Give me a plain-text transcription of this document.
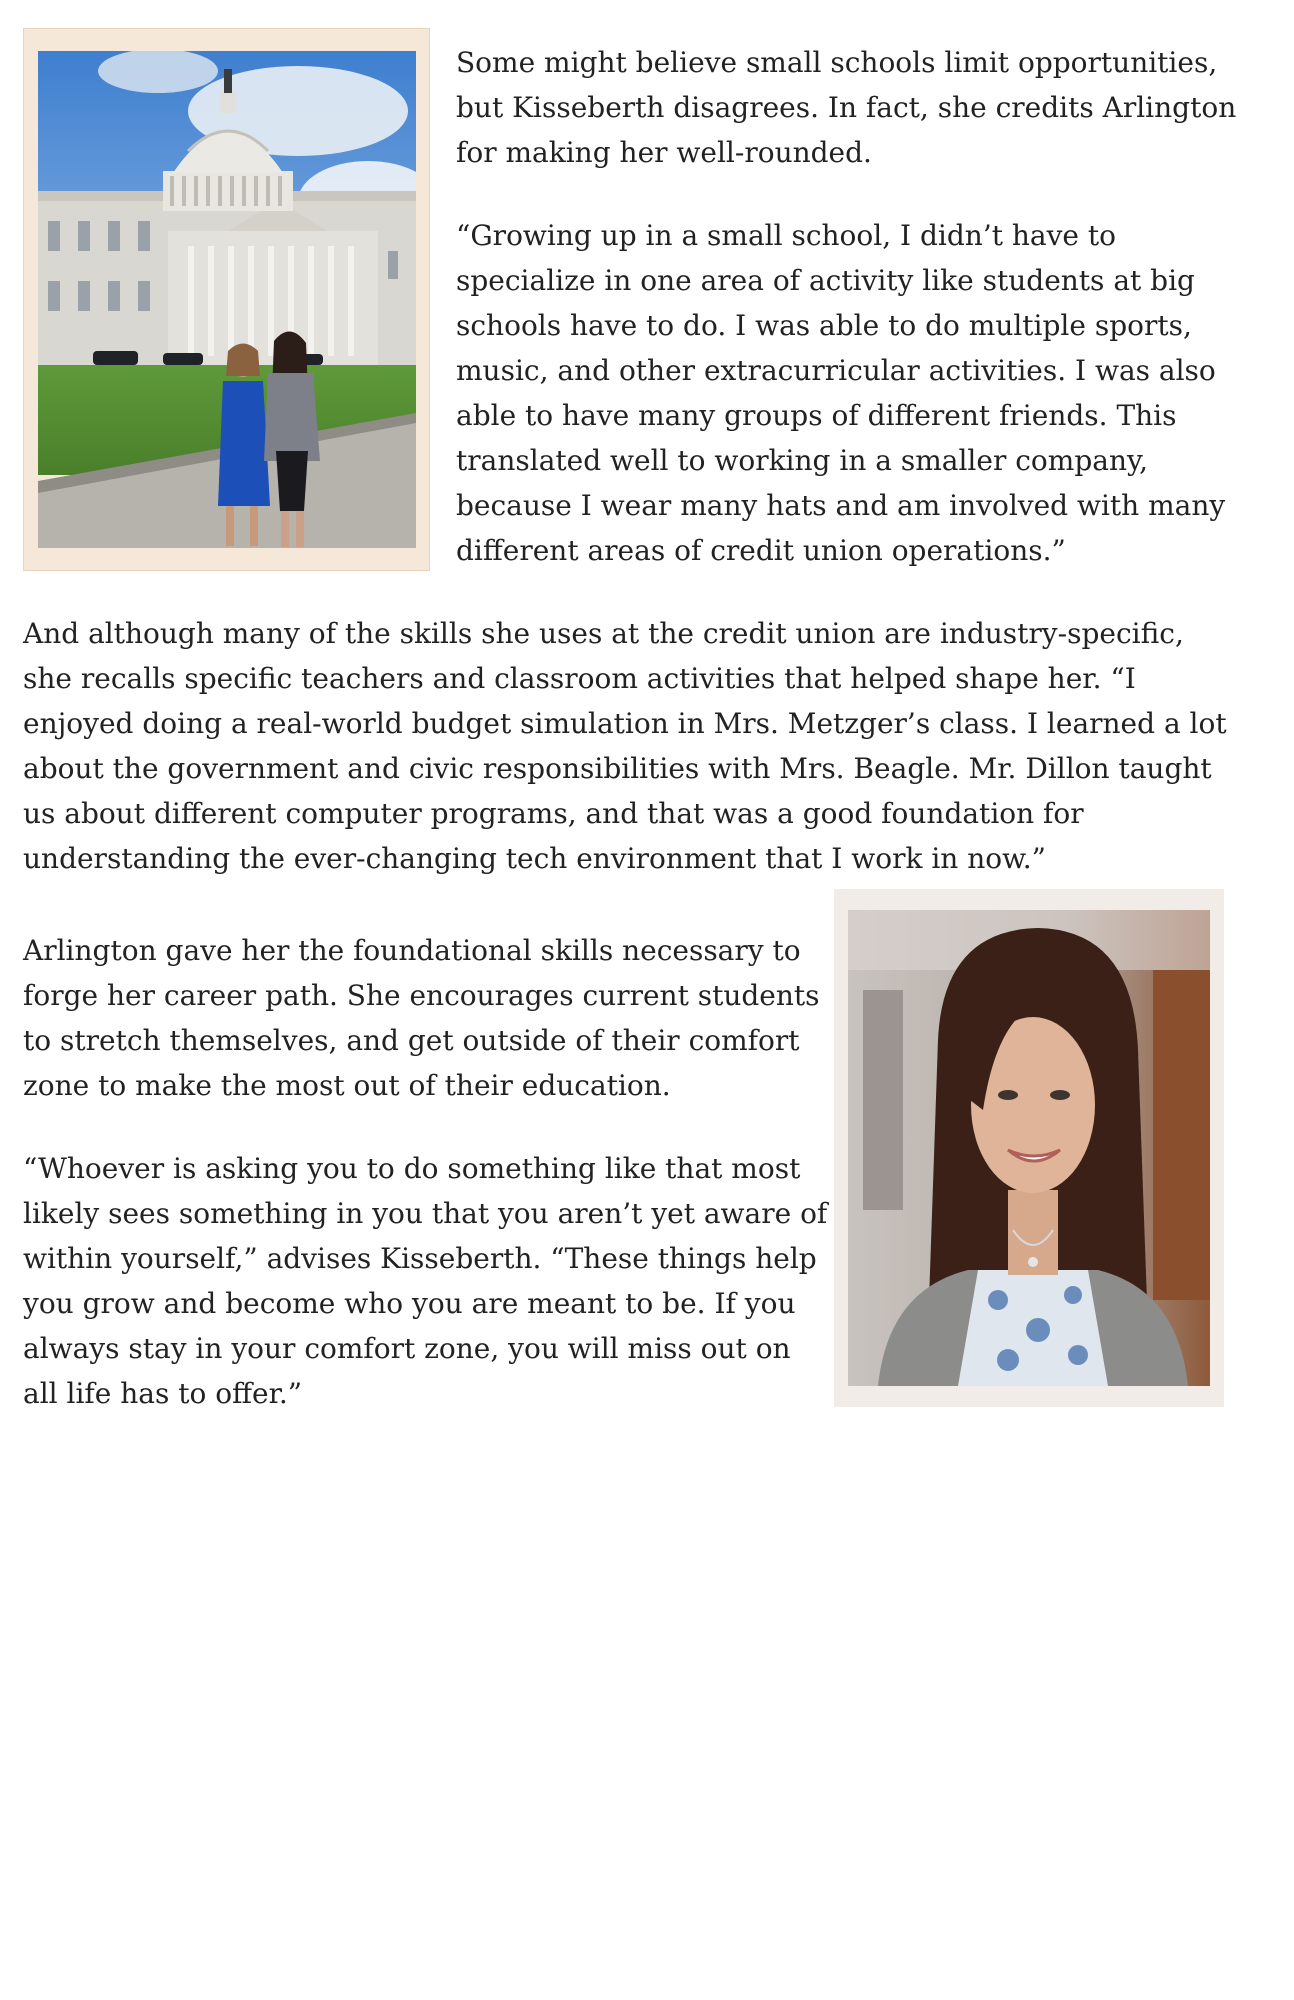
Some might believe small schools limit opportunities, but Kisseberth disagrees. In fact, she credits Arlington for making her well-rounded.

“Growing up in a small school, I didn’t have to specialize in one area of activity like students at big schools have to do. I was able to do multiple sports, music, and other extracurricular activities. I was also able to have many groups of different friends. This translated well to working in a smaller company, because I wear many hats and am involved with many different areas of credit union operations.”

And although many of the skills she uses at the credit union are industry-specific, she recalls specific teachers and classroom activities that helped shape her. “I enjoyed doing a real-world budget simulation in Mrs. Metzger’s class. I learned a lot about the government and civic responsibilities with Mrs. Beagle. Mr. Dillon taught us about different computer programs, and that was a good foundation for understanding the ever-changing tech environment that I work in now.”

Arlington gave her the foundational skills necessary to forge her career path. She encourages current students to stretch themselves, and get outside of their comfort zone to make the most out of their education.

“Whoever is asking you to do something like that most likely sees something in you that you aren’t yet aware of within yourself,” advises Kisseberth. “These things help you grow and become who you are meant to be. If you always stay in your comfort zone, you will miss out on all life has to offer.”
